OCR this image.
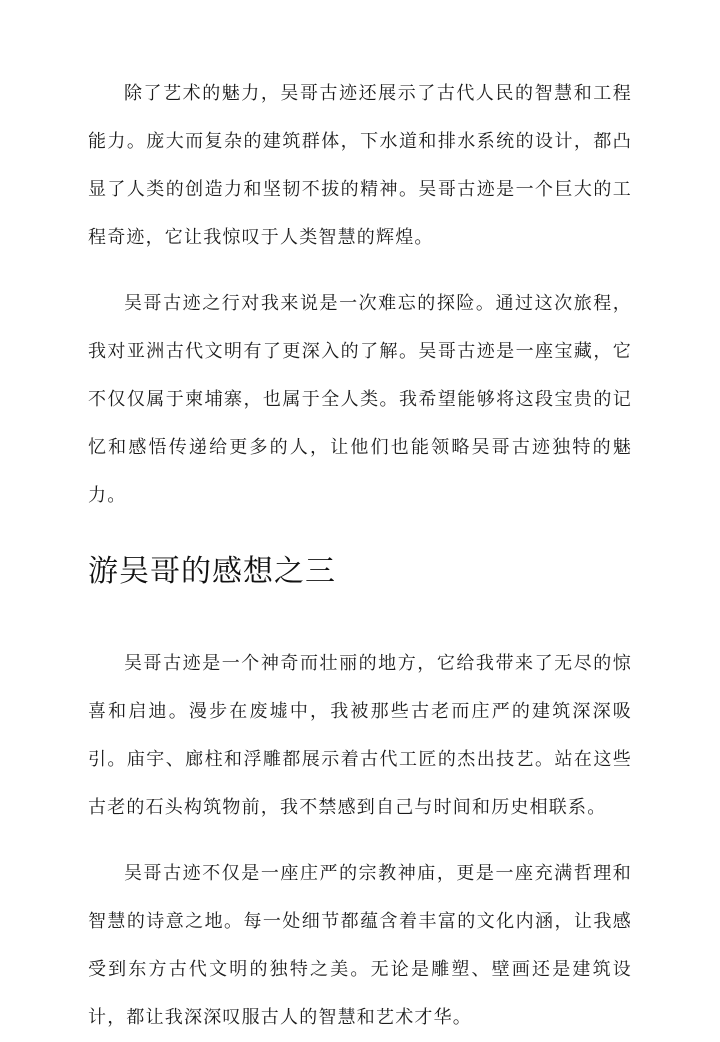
除了艺术的魅力，吴哥古迹还展示了古代人民的智慧和工程能力。庞大而复杂的建筑群体，下水道和排水系统的设计，都凸显了人类的创造力和坚韧不拔的精神。吴哥古迹是一个巨大的工程奇迹，它让我惊叹于人类智慧的辉煌。

吴哥古迹之行对我来说是一次难忘的探险。通过这次旅程，我对亚洲古代文明有了更深入的了解。吴哥古迹是一座宝藏，它不仅仅属于柬埔寨，也属于全人类。我希望能够将这段宝贵的记忆和感悟传递给更多的人，让他们也能领略吴哥古迹独特的魅力。

游吴哥的感想之三

吴哥古迹是一个神奇而壮丽的地方，它给我带来了无尽的惊喜和启迪。漫步在废墟中，我被那些古老而庄严的建筑深深吸引。庙宇、廊柱和浮雕都展示着古代工匠的杰出技艺。站在这些古老的石头构筑物前，我不禁感到自己与时间和历史相联系。

吴哥古迹不仅是一座庄严的宗教神庙，更是一座充满哲理和智慧的诗意之地。每一处细节都蕴含着丰富的文化内涵，让我感受到东方古代文明的独特之美。无论是雕塑、壁画还是建筑设计，都让我深深叹服古人的智慧和艺术才华。
